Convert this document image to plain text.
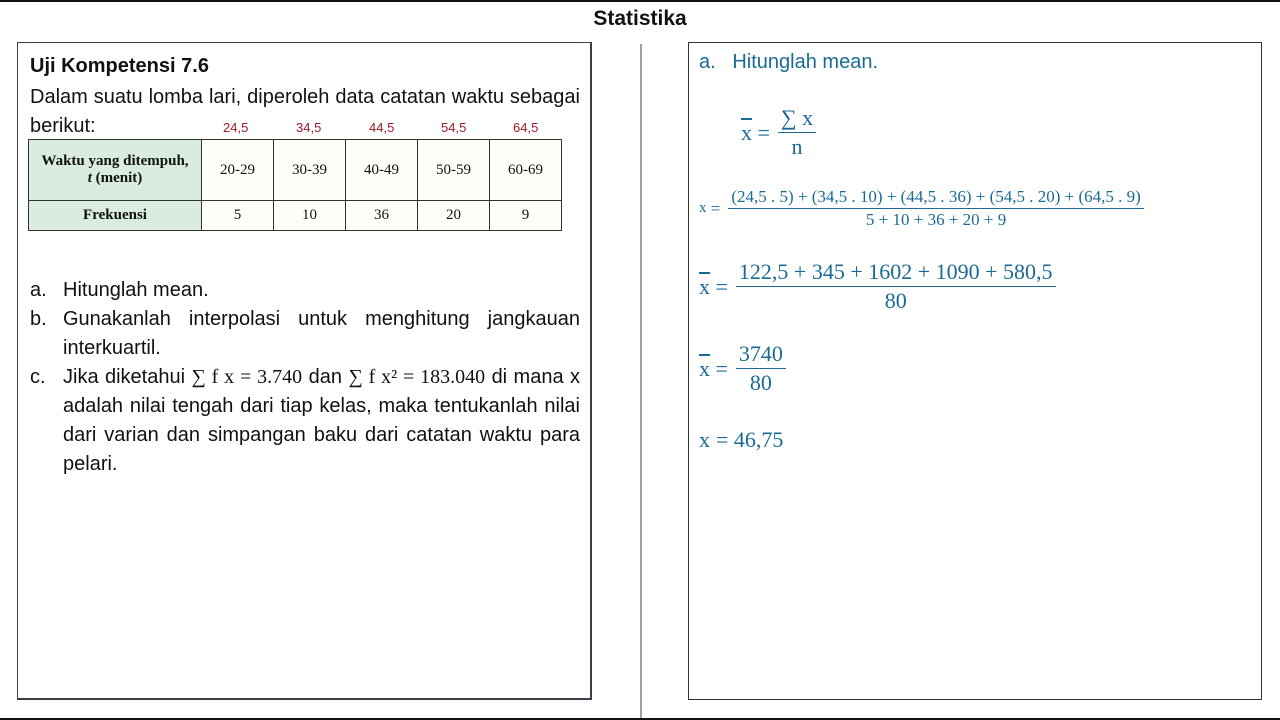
Statistika
Uji Kompetensi 7.6
Dalam suatu lomba lari, diperoleh data catatan waktu sebagai berikut:	24,5	34,5	44,5	54,5	64,5
Waktu yang ditempuh,
t (menit)	20-29	30-39	40-49	50-59	60-69
Frekuensi	5	10	36	20	9
a. Hitunglah mean.
b. Gunakanlah interpolasi untuk menghitung jangkauan interkuartil.
c. Jika diketahui ∑ f x = 3.740 dan ∑ f x² = 183.040 di mana x adalah nilai tengah dari tiap kelas, maka tentukanlah nilai dari varian dan simpangan baku dari catatan waktu para pelari.
a.   Hitunglah mean.
$\overline{x} = \frac{\sum x}{n}$
x =
(24,5 . 5) + (34,5 . 10) + (44,5 . 36) + (54,5 . 20) + (64,5 . 9)
5 + 10 + 36 + 20 + 9
$\overline{x} = \frac{122,5 + 345 + 1602 + 1090 + 580,5}{80}$
$\overline{x} = \frac{3740}{80}$
x = 46,75
